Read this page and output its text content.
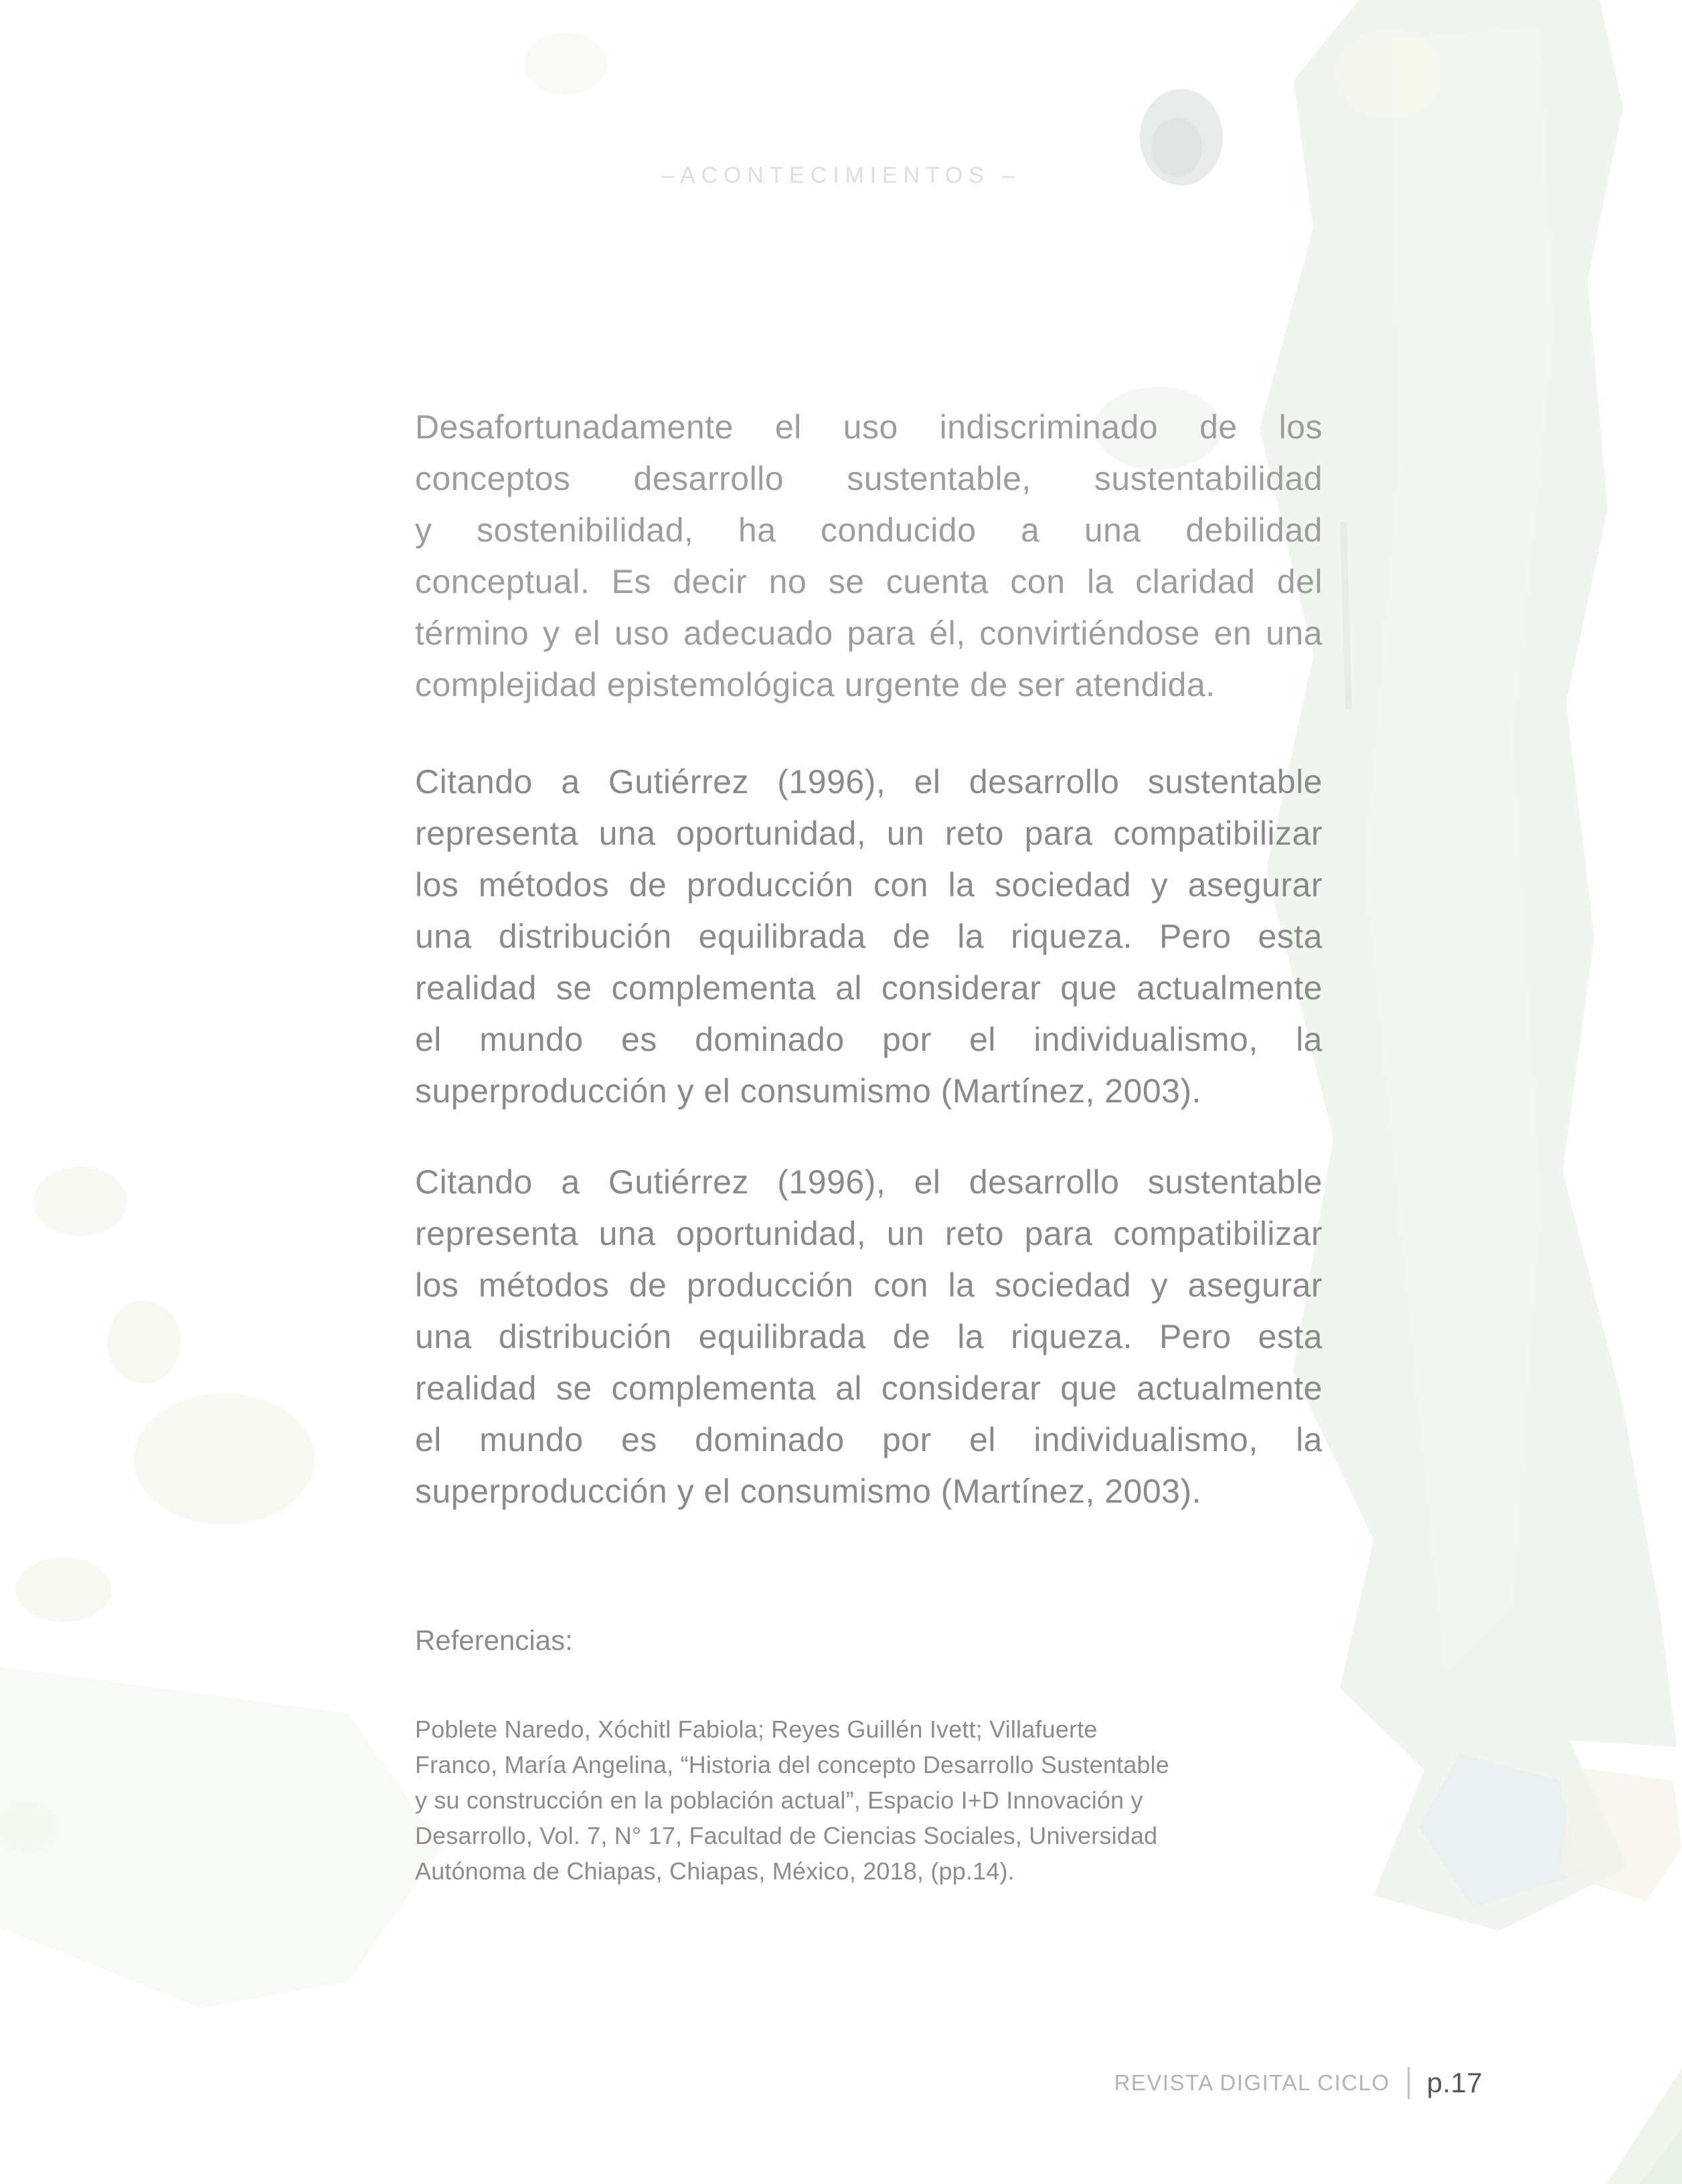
–ACONTECIMIENTOS –
Desafortunadamente el uso indiscriminado de los
conceptos desarrollo sustentable, sustentabilidad
y sostenibilidad, ha conducido a una debilidad
conceptual. Es decir no se cuenta con la claridad del
término y el uso adecuado para él, convirtiéndose en una
complejidad epistemológica urgente de ser atendida.
Citando a Gutiérrez (1996), el desarrollo sustentable
representa una oportunidad, un reto para compatibilizar
los métodos de producción con la sociedad y asegurar
una distribución equilibrada de la riqueza. Pero esta
realidad se complementa al considerar que actualmente
el mundo es dominado por el individualismo, la
superproducción y el consumismo (Martínez, 2003).
Citando a Gutiérrez (1996), el desarrollo sustentable
representa una oportunidad, un reto para compatibilizar
los métodos de producción con la sociedad y asegurar
una distribución equilibrada de la riqueza. Pero esta
realidad se complementa al considerar que actualmente
el mundo es dominado por el individualismo, la
superproducción y el consumismo (Martínez, 2003).
Referencias:
Poblete Naredo, Xóchitl Fabiola; Reyes Guillén Ivett; Villafuerte
Franco, María Angelina, “Historia del concepto Desarrollo Sustentable
y su construcción en la población actual”, Espacio I+D Innovación y
Desarrollo, Vol. 7, N° 17, Facultad de Ciencias Sociales, Universidad
Autónoma de Chiapas, Chiapas, México, 2018, (pp.14).
REVISTA DIGITAL CICLO p.17
